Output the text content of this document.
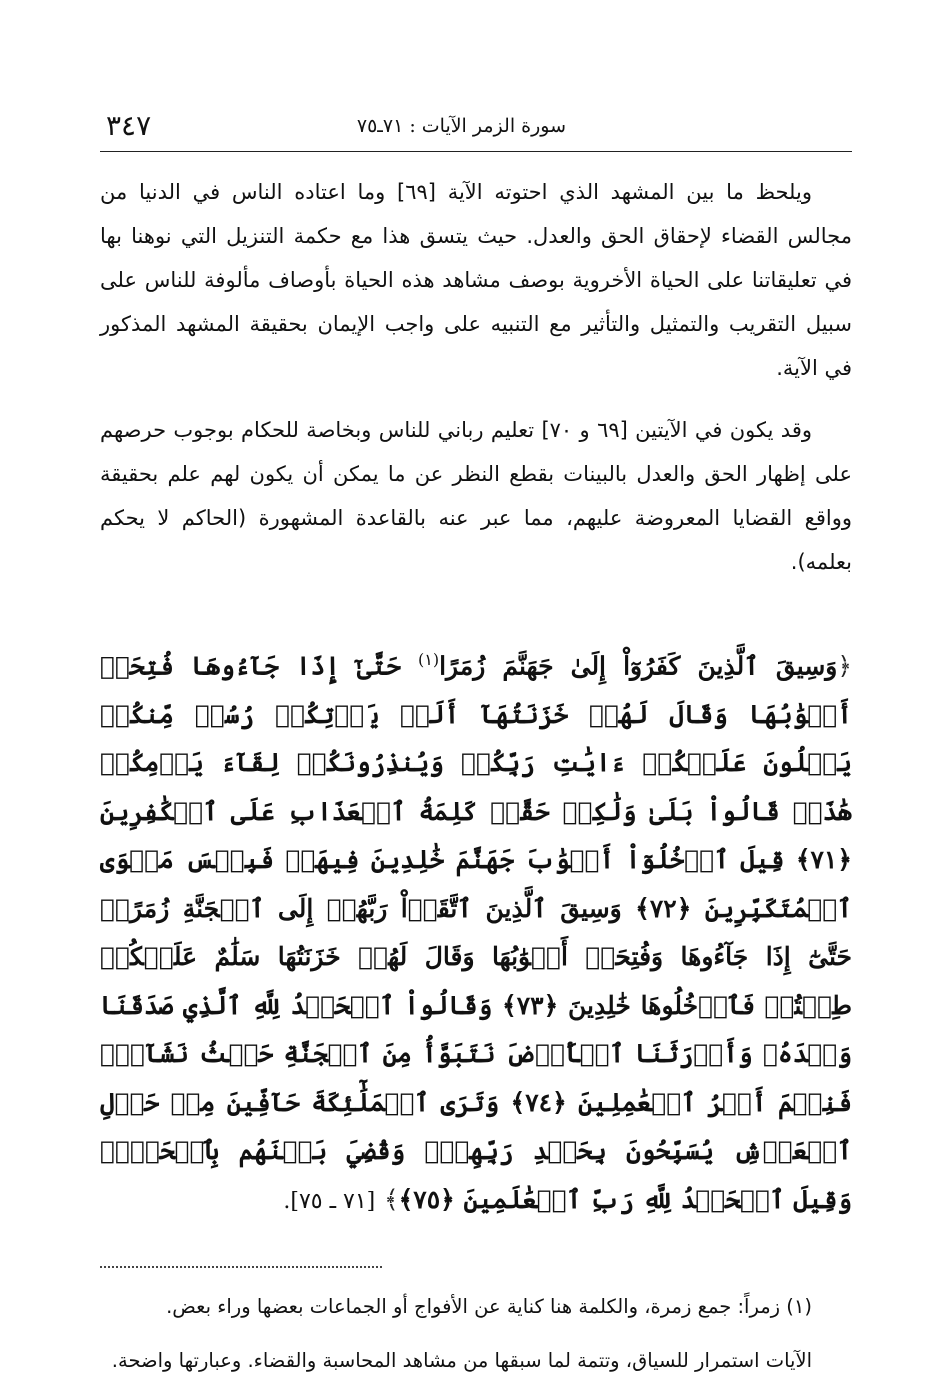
سورة الزمر الآيات : ٧١ـ٧٥
٣٤٧

ويلحظ ما بين المشهد الذي احتوته الآية [٦٩] وما اعتاده الناس في الدنيا من مجالس القضاء لإحقاق الحق والعدل. حيث يتسق هذا مع حكمة التنزيل التي نوهنا بها في تعليقاتنا على الحياة الأخروية بوصف مشاهد هذه الحياة بأوصاف مألوفة للناس على سبيل التقريب والتمثيل والتأثير مع التنبيه على واجب الإيمان بحقيقة المشهد المذكور في الآية.

وقد يكون في الآيتين [٦٩ و ٧٠] تعليم رباني للناس وبخاصة للحكام بوجوب حرصهم على إظهار الحق والعدل بالبينات بقطع النظر عن ما يمكن أن يكون لهم علم بحقيقة وواقع القضايا المعروضة عليهم، مما عبر عنه بالقاعدة المشهورة (الحاكم لا يحكم بعلمه).

﴿وَسِيقَ ٱلَّذِينَ كَفَرُوٓاْ إِلَىٰ جَهَنَّمَ زُمَرًا$^{(١)}$ حَتَّىٰٓ إِذَا جَآءُوهَا فُتِحَتۡ أَبۡوَٰبُهَا وَقَالَ لَهُمۡ خَزَنَتُهَآ أَلَمۡ يَأۡتِكُمۡ رُسُلٞ مِّنكُمۡ يَتۡلُونَ عَلَيۡكُمۡ ءَايَٰتِ رَبِّكُمۡ وَيُنذِرُونَكُمۡ لِقَآءَ يَوۡمِكُمۡ هَٰذَاۚ قَالُواْ بَلَىٰ وَلَٰكِنۡ حَقَّتۡ كَلِمَةُ ٱلۡعَذَابِ عَلَى ٱلۡكَٰفِرِينَ ﴿٧١﴾ قِيلَ ٱدۡخُلُوٓاْ أَبۡوَٰبَ جَهَنَّمَ خَٰلِدِينَ فِيهَاۖ فَبِئۡسَ مَثۡوَى ٱلۡمُتَكَبِّرِينَ ﴿٧٢﴾ وَسِيقَ ٱلَّذِينَ ٱتَّقَوۡاْ رَبَّهُمۡ إِلَى ٱلۡجَنَّةِ زُمَرًاۖ حَتَّىٰٓ إِذَا جَآءُوهَا وَفُتِحَتۡ أَبۡوَٰبُهَا وَقَالَ لَهُمۡ خَزَنَتُهَا سَلَٰمٌ عَلَيۡكُمۡ طِبۡتُمۡ فَٱدۡخُلُوهَا خَٰلِدِينَ ﴿٧٣﴾ وَقَالُواْ ٱلۡحَمۡدُ لِلَّهِ ٱلَّذِي صَدَقَنَا وَعۡدَهُۥ وَأَوۡرَثَنَا ٱلۡأَرۡضَ نَتَبَوَّأُ مِنَ ٱلۡجَنَّةِ حَيۡثُ نَشَآءُۖ فَنِعۡمَ أَجۡرُ ٱلۡعَٰمِلِينَ ﴿٧٤﴾ وَتَرَى ٱلۡمَلَٰٓئِكَةَ حَآفِّينَ مِنۡ حَوۡلِ ٱلۡعَرۡشِ يُسَبِّحُونَ بِحَمۡدِ رَبِّهِمۡۖ وَقُضِيَ بَيۡنَهُم بِٱلۡحَقِّۚ وَقِيلَ ٱلۡحَمۡدُ لِلَّهِ رَبِّ ٱلۡعَٰلَمِينَ ﴿٧٥﴾﴾ [٧١ ـ ٧٥].

(١) زمراً: جمع زمرة، والكلمة هنا كناية عن الأفواج أو الجماعات بعضها وراء بعض.

الآيات استمرار للسياق، وتتمة لما سبقها من مشاهد المحاسبة والقضاء. وعبارتها واضحة.
